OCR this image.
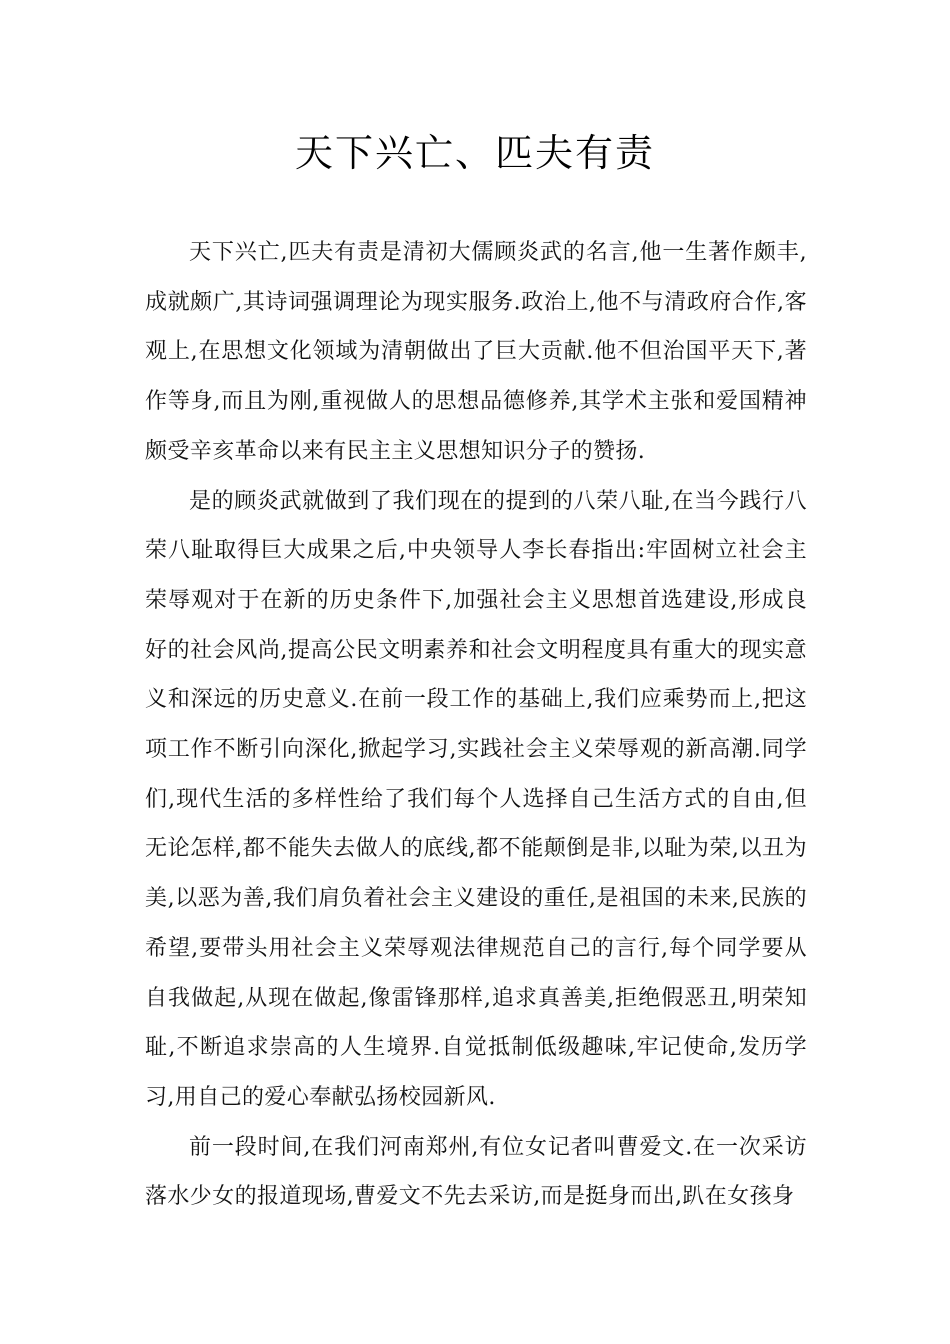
天下兴亡、匹夫有责

天下兴亡,匹夫有责是清初大儒顾炎武的名言,他一生著作颇丰,成就颇广,其诗词强调理论为现实服务.政治上,他不与清政府合作,客观上,在思想文化领域为清朝做出了巨大贡献.他不但治国平天下,著作等身,而且为刚,重视做人的思想品德修养,其学术主张和爱国精神颇受辛亥革命以来有民主主义思想知识分子的赞扬.

是的顾炎武就做到了我们现在的提到的八荣八耻,在当今践行八荣八耻取得巨大成果之后,中央领导人李长春指出:牢固树立社会主荣辱观对于在新的历史条件下,加强社会主义思想首选建设,形成良好的社会风尚,提高公民文明素养和社会文明程度具有重大的现实意义和深远的历史意义.在前一段工作的基础上,我们应乘势而上,把这项工作不断引向深化,掀起学习,实践社会主义荣辱观的新高潮.同学们,现代生活的多样性给了我们每个人选择自己生活方式的自由,但无论怎样,都不能失去做人的底线,都不能颠倒是非,以耻为荣,以丑为美,以恶为善,我们肩负着社会主义建设的重任,是祖国的未来,民族的希望,要带头用社会主义荣辱观法律规范自己的言行,每个同学要从自我做起,从现在做起,像雷锋那样,追求真善美,拒绝假恶丑,明荣知耻,不断追求崇高的人生境界.自觉抵制低级趣味,牢记使命,发历学习,用自己的爱心奉献弘扬校园新风.

前一段时间,在我们河南郑州,有位女记者叫曹爱文.在一次采访落水少女的报道现场,曹爱文不先去采访,而是挺身而出,趴在女孩身
